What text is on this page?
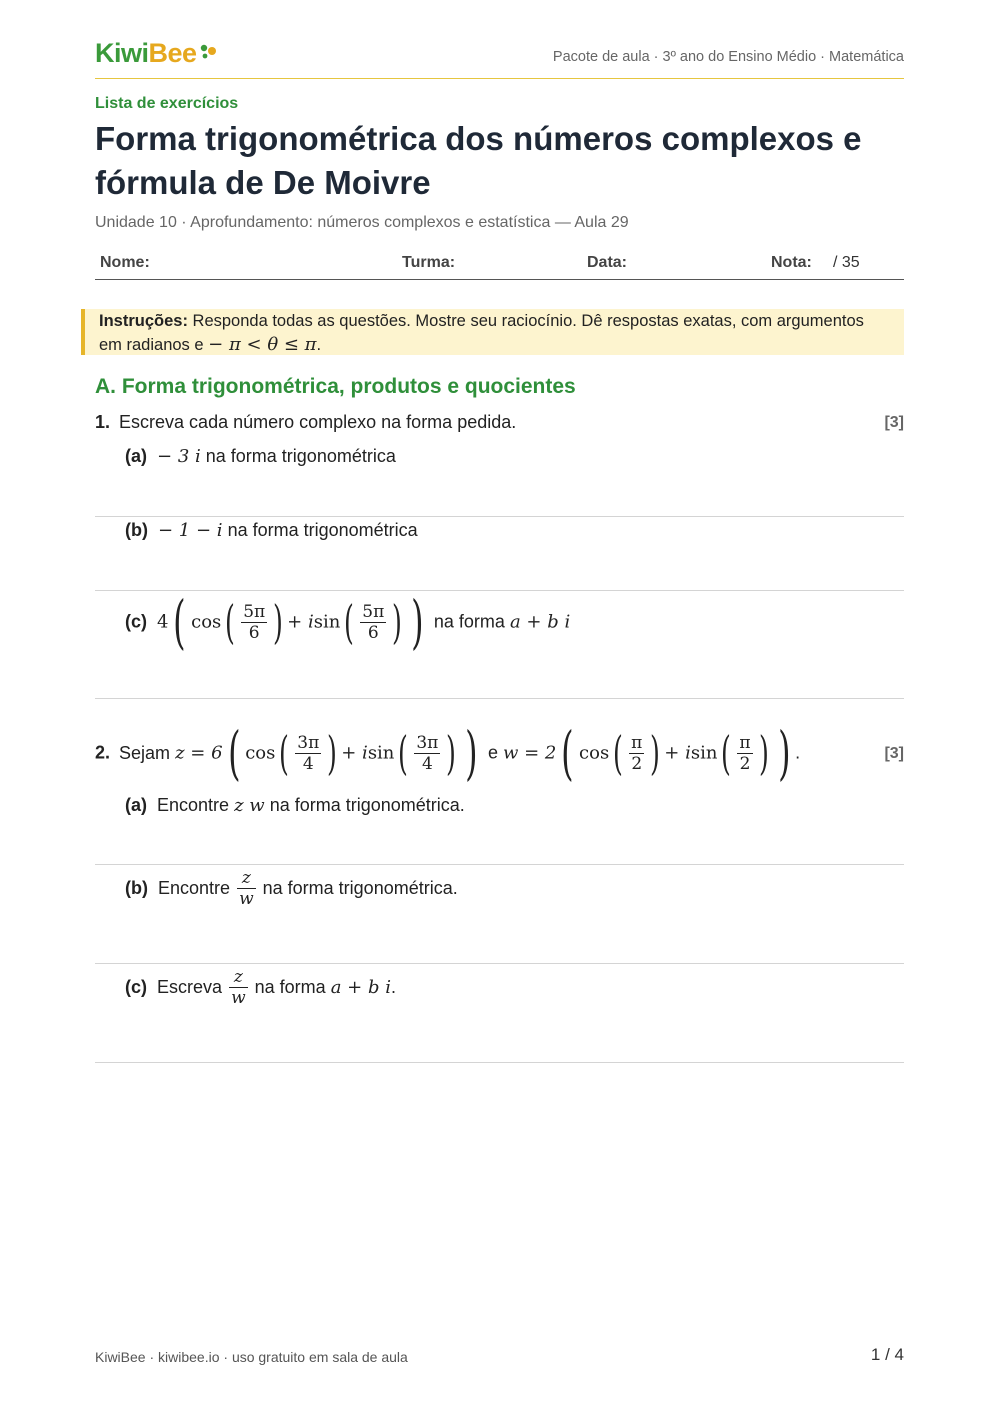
KiwiBee	Pacote de aula · 3º ano do Ensino Médio · Matemática
Lista de exercícios
Forma trigonométrica dos números complexos e fórmula de De Moivre
Unidade 10 · Aprofundamento: números complexos e estatística — Aula 29
Nome:	Turma:	Data:	Nota: / 35
Instruções: Responda todas as questões. Mostre seu raciocínio. Dê respostas exatas, com argumentos em radianos e − π < θ ≤ π.
A. Forma trigonométrica, produtos e quocientes
1. Escreva cada número complexo na forma pedida.	[3]
(a) − 3 i na forma trigonométrica
(b) − 1 − i na forma trigonométrica
(c) 4( $\cos( \frac{5\pi}{6}$ ) + $isin( \frac{5\pi}{6}$ ) ) na forma a + b i
2. Sejam z = 6( $\cos( \frac{3\pi}{4}$ ) + $isin( \frac{3\pi}{4}$ ) ) e w = 2( $\cos( \frac{\pi}{2}$ ) + $isin( \frac{\pi}{2}$ ) ) .	[3]
(a) Encontre z w na forma trigonométrica.
(b) Encontre $\frac{z}{w}$ na forma trigonométrica.
(c) Escreva $\frac{z}{w}$ na forma a + b i.
KiwiBee · kiwibee.io · uso gratuito em sala de aula	1 / 4
